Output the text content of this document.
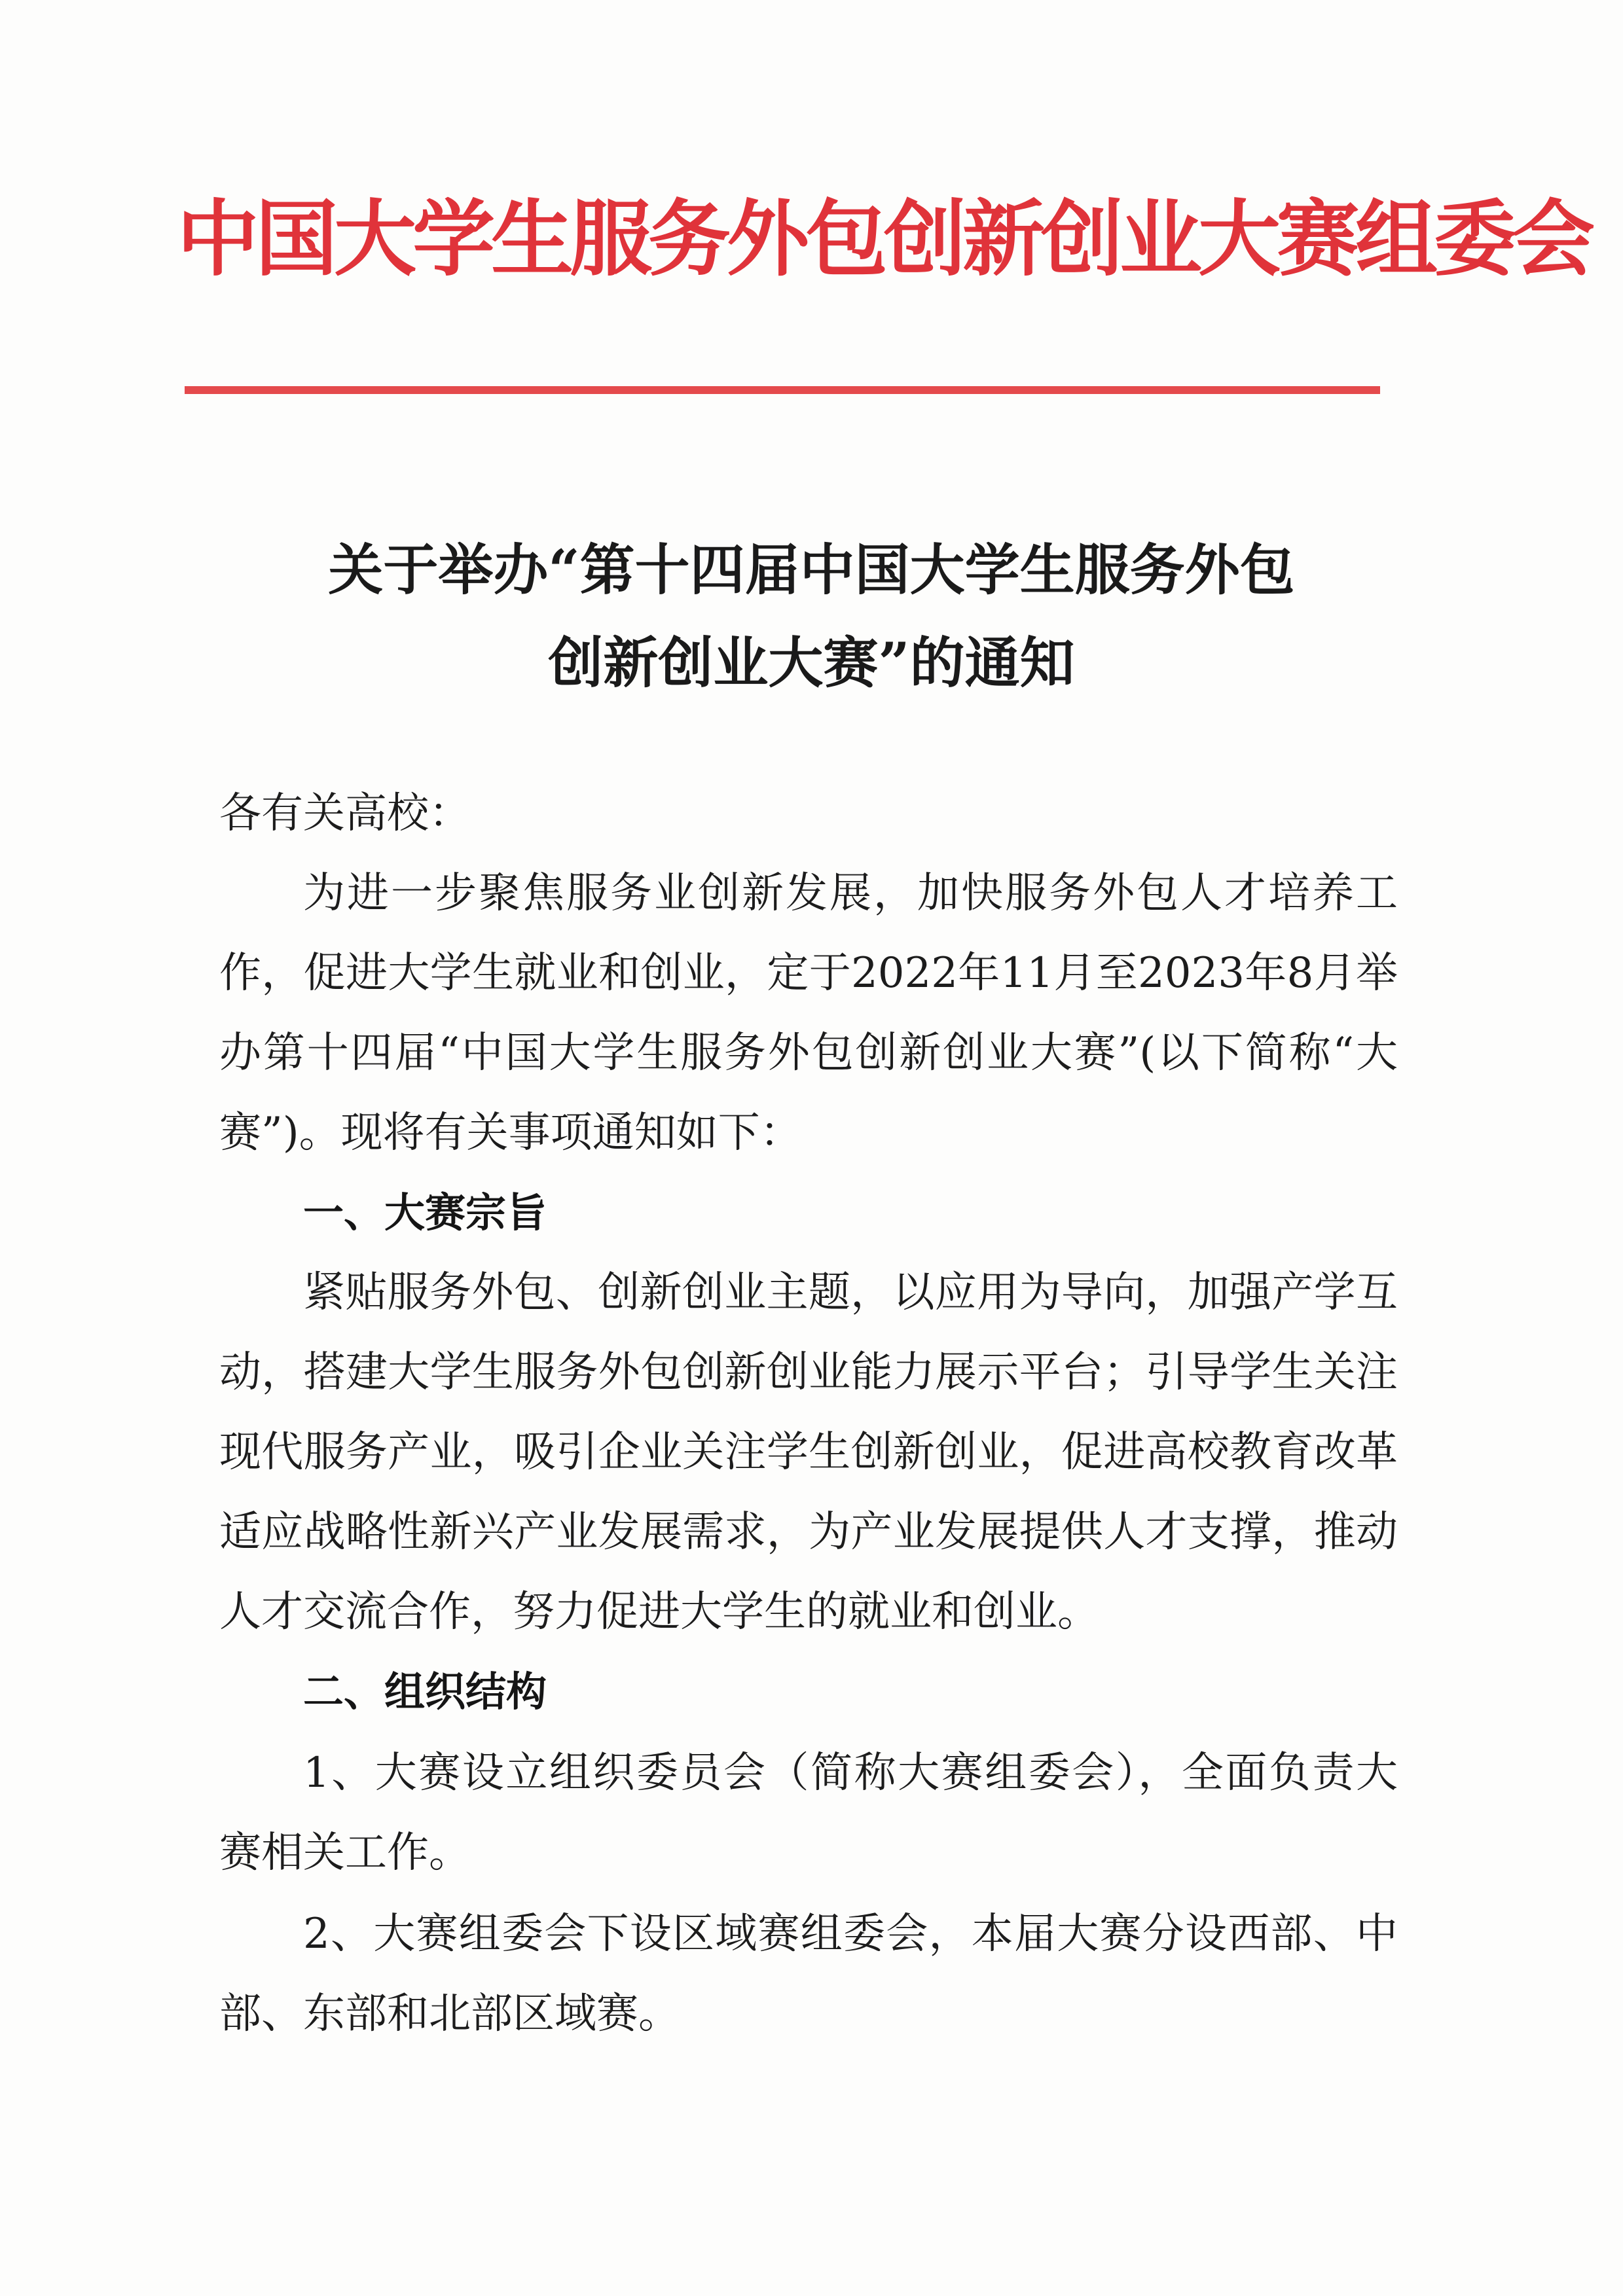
中国大学生服务外包创新创业大赛组委会
关于举办“第十四届中国大学生服务外包
创新创业大赛”的通知

各有关高校：

为进一步聚焦服务业创新发展，加快服务外包人才培养工作，促进大学生就业和创业，定于2022年11月至2023年8月举办第十四届“中国大学生服务外包创新创业大赛”(以下简称“大赛”)。现将有关事项通知如下：

一、大赛宗旨

紧贴服务外包、创新创业主题，以应用为导向，加强产学互动，搭建大学生服务外包创新创业能力展示平台；引导学生关注现代服务产业，吸引企业关注学生创新创业，促进高校教育改革适应战略性新兴产业发展需求，为产业发展提供人才支撑，推动人才交流合作，努力促进大学生的就业和创业。

二、组织结构

1、大赛设立组织委员会（简称大赛组委会），全面负责大赛相关工作。

2、大赛组委会下设区域赛组委会，本届大赛分设西部、中部、东部和北部区域赛。
